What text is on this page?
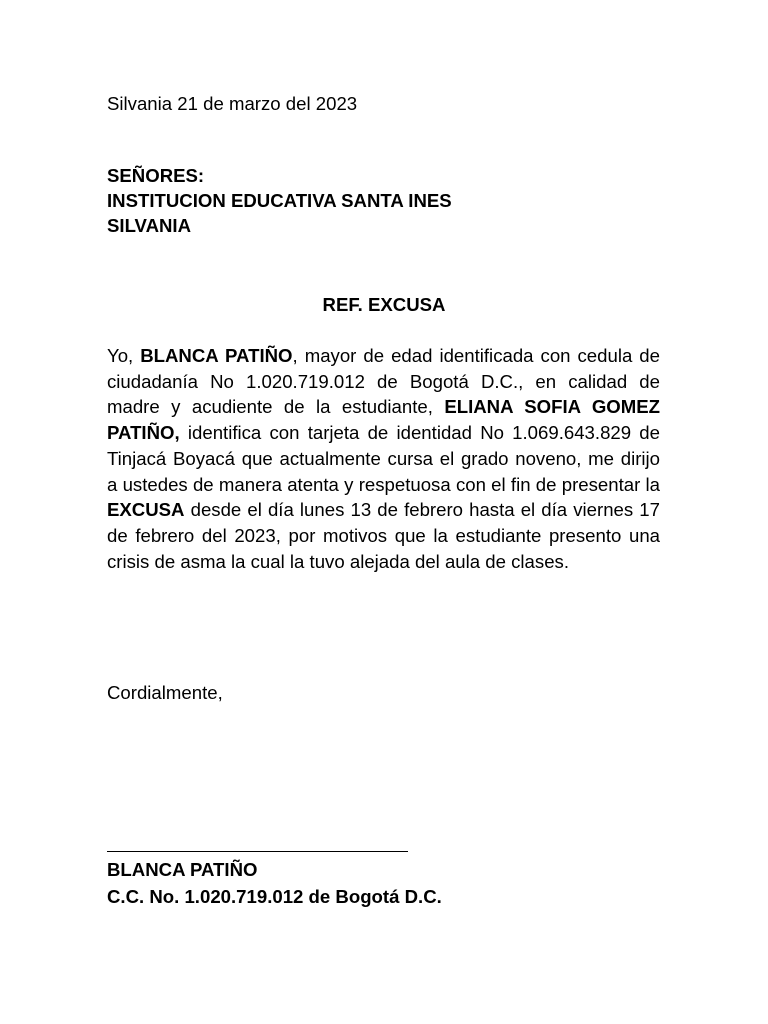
Silvania 21 de marzo del 2023
SEÑORES:
INSTITUCION EDUCATIVA SANTA INES
SILVANIA
REF. EXCUSA
Yo, BLANCA PATIÑO, mayor de edad identificada con cedula de ciudadanía No 1.020.719.012 de Bogotá D.C., en calidad de madre y acudiente de la estudiante, ELIANA SOFIA GOMEZ PATIÑO, identifica con tarjeta de identidad No 1.069.643.829 de Tinjacá Boyacá que actualmente cursa el grado noveno, me dirijo a ustedes de manera atenta y respetuosa con el fin de presentar la EXCUSA desde el día lunes 13 de febrero hasta el día viernes 17 de febrero del 2023, por motivos que la estudiante presento una crisis de asma la cual la tuvo alejada del aula de clases.
Cordialmente,
BLANCA PATIÑO
C.C. No. 1.020.719.012 de Bogotá D.C.
